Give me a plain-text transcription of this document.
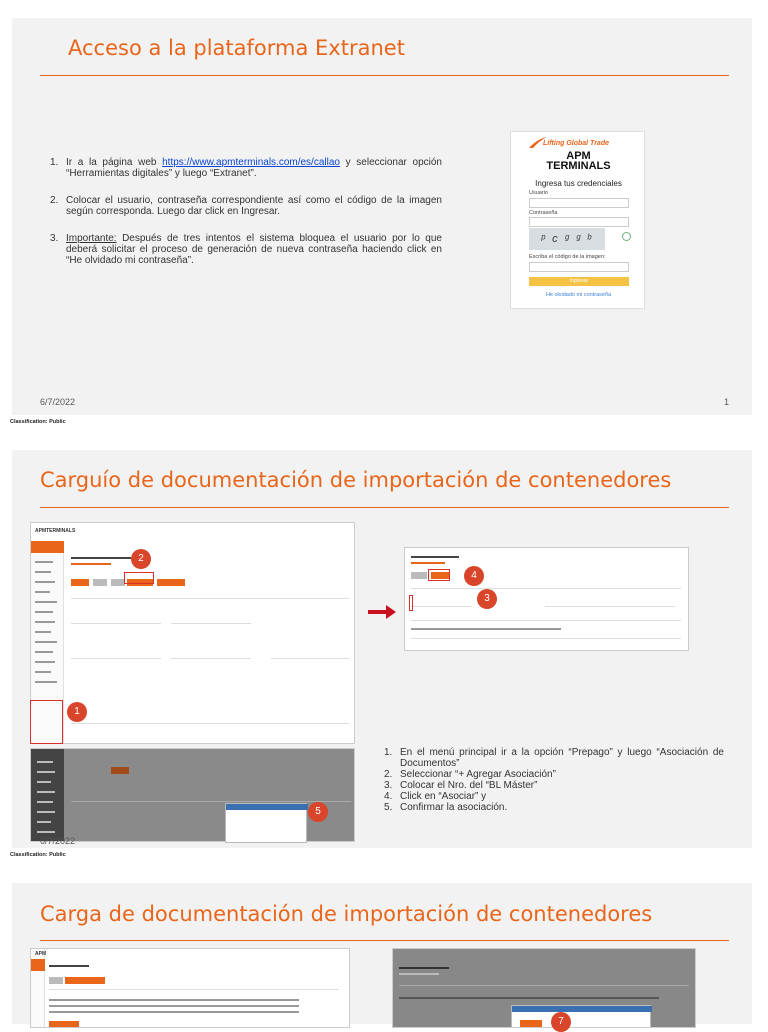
Acceso a la plataforma Extranet
1. Ir a la página web https://www.apmterminals.com/es/callao y seleccionar opción “Herramientas digitales” y luego “Extranet”.
2. Colocar el usuario, contraseña correspondiente así como el código de la imagen según corresponda. Luego dar click en Ingresar.
3. Importante: Después de tres intentos el sistema bloquea el usuario por lo que deberá solicitar el proceso de generación de nueva contraseña haciendo click en “He olvidado mi contraseña”.
Lifting Global Trade
APM
TERMINALS
Ingresa tus credenciales
Usuario
Contraseña
ᵖ c ᵍ ᵍ ᵇ
Escriba el código de la imagen:
Ingresar
He olvidado mi contraseña
6/7/2022	1
Classification: Public
Carguío de documentación de importación de contenedores
APMTERMINALS
1
2
3
4
5
1. En el menú principal ir a la opción “Prepago” y luego “Asociación de Documentos”
2. Seleccionar “+ Agregar Asociación”
3. Colocar el Nro. del “BL Máster”
4. Click en “Asociar” y
5. Confirmar la asociación.
6/7/2022
Classification: Public
Carga de documentación de importación de contenedores
APM
7
